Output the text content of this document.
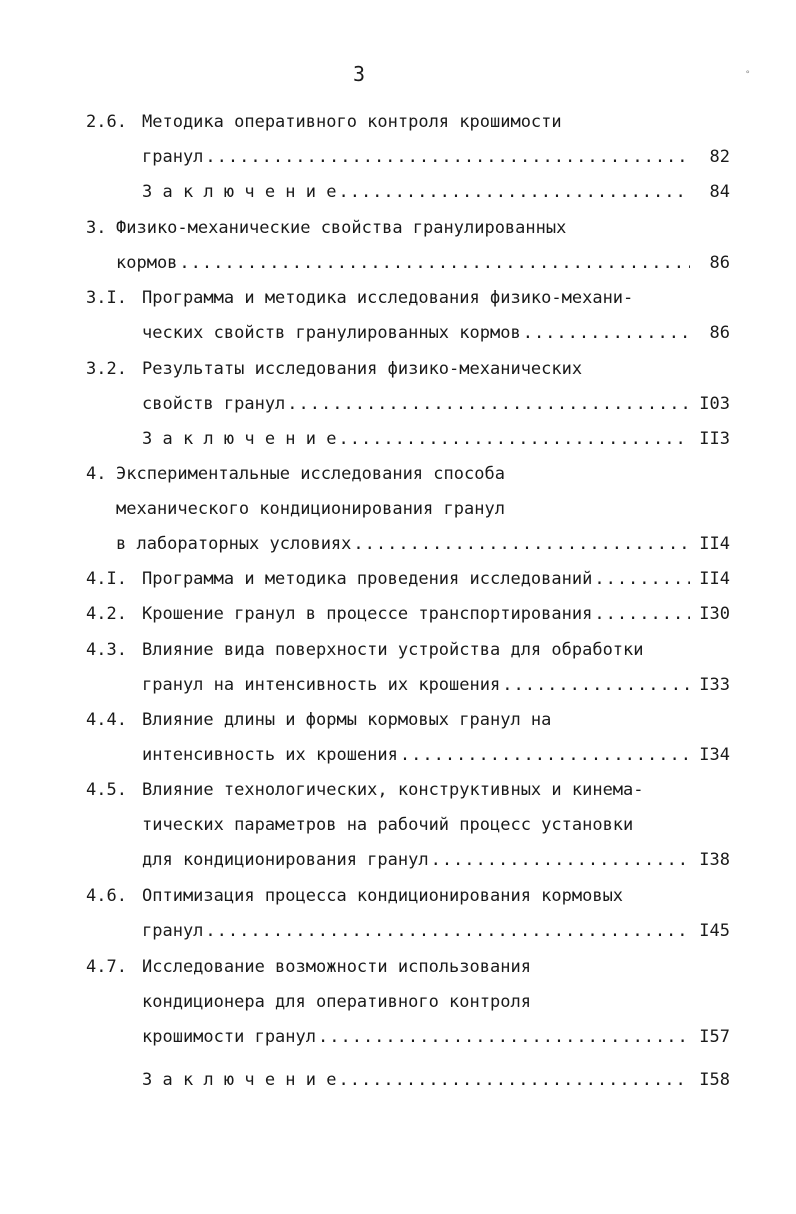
3	°
2.6. Методика оперативного контроля крошимости
гранул .....	82
З а к л ю ч е н и е .....	84
3. Физико-механические свойства гранулированных
кормов .....	86
3.I. Программа и методика исследования физико-механи-
ческих свойств гранулированных кормов .....	86
3.2. Результаты исследования физико-механических
свойств гранул .....	I03
З а к л ю ч е н и е .....	II3
4. Экспериментальные исследования способа
механического кондиционирования гранул
в лабораторных условиях .....	II4
4.I. Программа и методика проведения исследований .....	II4
4.2. Крошение гранул в процессе транспортирования .....	I30
4.3. Влияние вида поверхности устройства для обработки
гранул на интенсивность их крошения .....	I33
4.4. Влияние длины и формы кормовых гранул на
интенсивность их крошения .....	I34
4.5. Влияние технологических, конструктивных и кинема-
тических параметров на рабочий процесс установки
для кондиционирования гранул .....	I38
4.6. Оптимизация процесса кондиционирования кормовых
гранул .....	I45
4.7. Исследование возможности использования
кондиционера для оперативного контроля
крошимости гранул .....	I57
З а к л ю ч е н и е .....	I58
